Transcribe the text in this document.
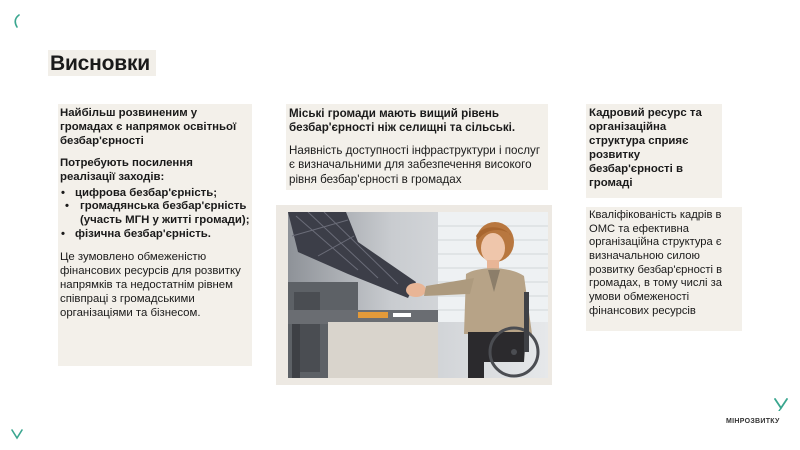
Висновки

Найбільш розвиненим у громадах є напрямок освітньої безбар'єрності

Потребують посилення реалізації заходів:

• цифрова безбар'єрність;
• громадянська безбар'єрність (участь МГН у житті громади);
• фізична безбар'єрність.

Це зумовлено обмеженістю фінансових ресурсів для розвитку напрямків та недостатнім рівнем співпраці з громадськими організаціями та бізнесом.

Міські громади мають вищий рівень безбар'єрності ніж селищні та сільські.

Наявність доступності інфраструктури і послуг є визначальними для забезпечення високого рівня безбар'єрності в громадах

Кадровий ресурс та організаційна структура сприяє розвитку безбар'єрності в громаді

Кваліфікованість кадрів в ОМС та ефективна організаційна структура є визначальною силою розвитку безбар'єрності в громадах, в тому числі за умови обмеженості фінансових ресурсів

МІНРОЗВИТКУ
